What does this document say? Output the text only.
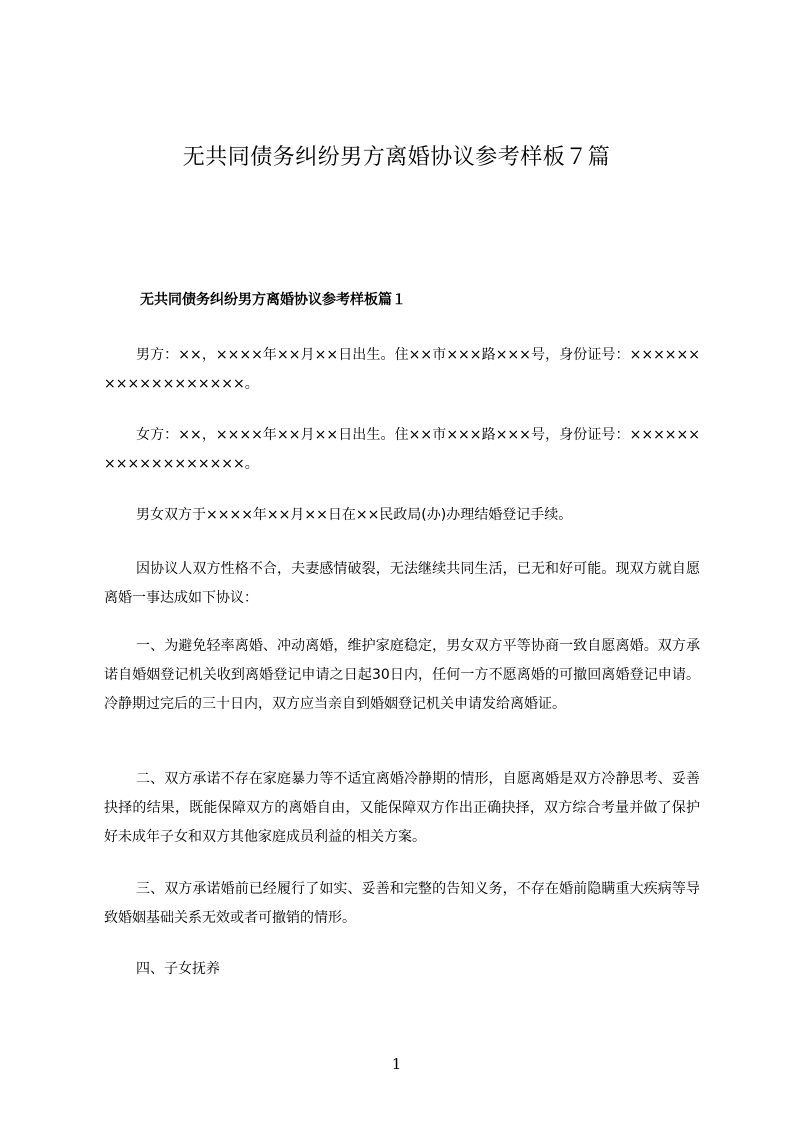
无共同债务纠纷男方离婚协议参考样板７篇
无共同债务纠纷男方离婚协议参考样板篇１

男方：××，××××年××月××日出生。住××市×××路×××号，身份证号：××××××××××××××××××。

女方：××，××××年××月××日出生。住××市×××路×××号，身份证号：××××××××××××××××××。

男女双方于××××年××月××日在××民政局(办)办理结婚登记手续。

因协议人双方性格不合，夫妻感情破裂，无法继续共同生活，已无和好可能。现双方就自愿离婚一事达成如下协议：

一、为避免轻率离婚、冲动离婚，维护家庭稳定，男女双方平等协商一致自愿离婚。双方承诺自婚姻登记机关收到离婚登记申请之日起30日内，任何一方不愿离婚的可撤回离婚登记申请。冷静期过完后的三十日内，双方应当亲自到婚姻登记机关申请发给离婚证。

二、双方承诺不存在家庭暴力等不适宜离婚冷静期的情形，自愿离婚是双方冷静思考、妥善抉择的结果，既能保障双方的离婚自由，又能保障双方作出正确抉择，双方综合考量并做了保护好未成年子女和双方其他家庭成员利益的相关方案。

三、双方承诺婚前已经履行了如实、妥善和完整的告知义务，不存在婚前隐瞒重大疾病等导致婚姻基础关系无效或者可撤销的情形。

四、子女抚养

1
